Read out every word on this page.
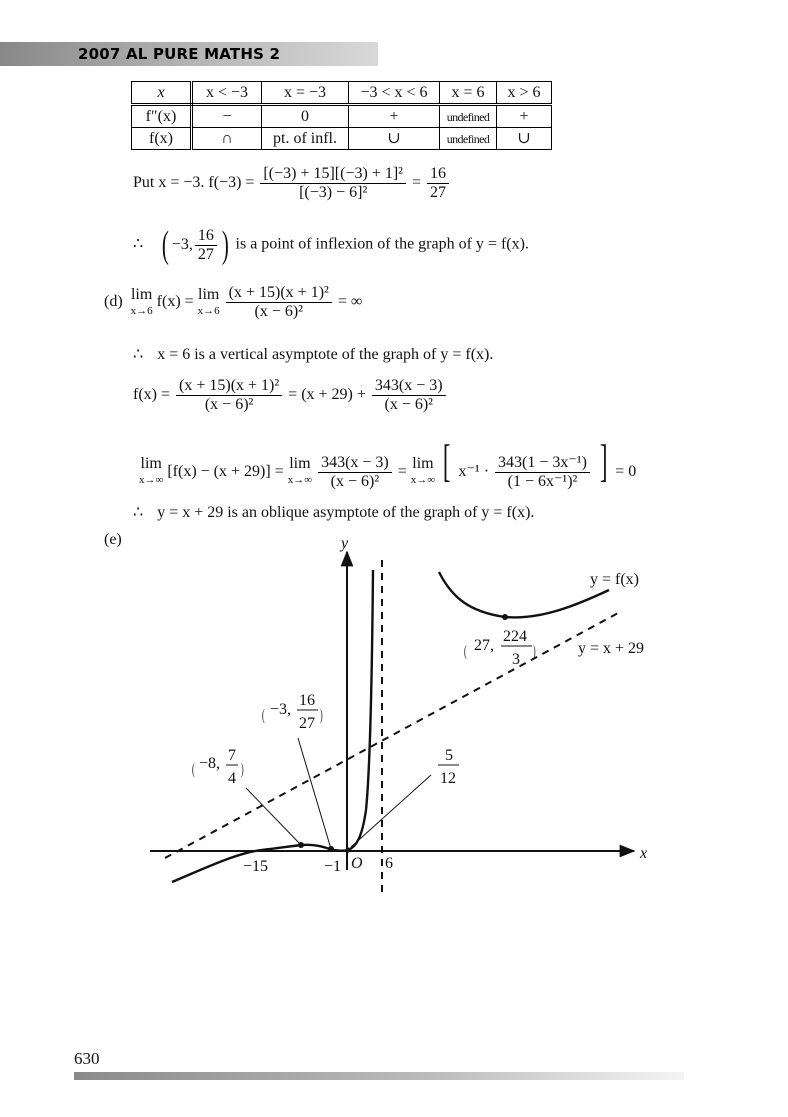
2007 AL PURE MATHS 2
x	x < −3	x = −3	−3 < x < 6	x = 6	x > 6
f″(x)	−	0	+	undefined	+
f(x)	∩	pt. of infl.	∪	undefined	∪
Put x = −3. $f(-3) = \frac{\text{[(−3) + 15][(−3) + 1]²}}{\text{[(−3) − 6]²}} = \frac{16}{27}$
∴ ( −3, $\frac{16}{27}$ ) is a point of inflexion of the graph of y = f(x).
(d) lim
x→6
f(x) = lim
x→6
$\frac{\text{(x + 15)(x + 1)²}}{\text{(x − 6)²}}$ = ∞
∴ x = 6 is a vertical asymptote of the graph of y = f(x).
$f(x) = \frac{\text{(x + 15)(x + 1)²}}{\text{(x − 6)²}} = (x + 29) + \frac{343(x - 3)}{\text{(x − 6)²}}$
lim
x→∞
[f(x) − (x + 29)] = lim
x→∞
$\frac{343(x - 3)}{\text{(x − 6)²}} = \lim$
x→∞ [ $x^{-1} \cdot \frac{\text{343(1 − 3x⁻¹)}}{\text{(1 − 6x⁻¹)²}}$ ] = 0
∴ y = x + 29 is an oblique asymptote of the graph of y = f(x).
(e)	y
x
y = f(x)
y = x + 29
O
−15	−1	6
( 27,
224
3 )
( −3,
16
27 )
( −8, 7
4
)
5
12
630
